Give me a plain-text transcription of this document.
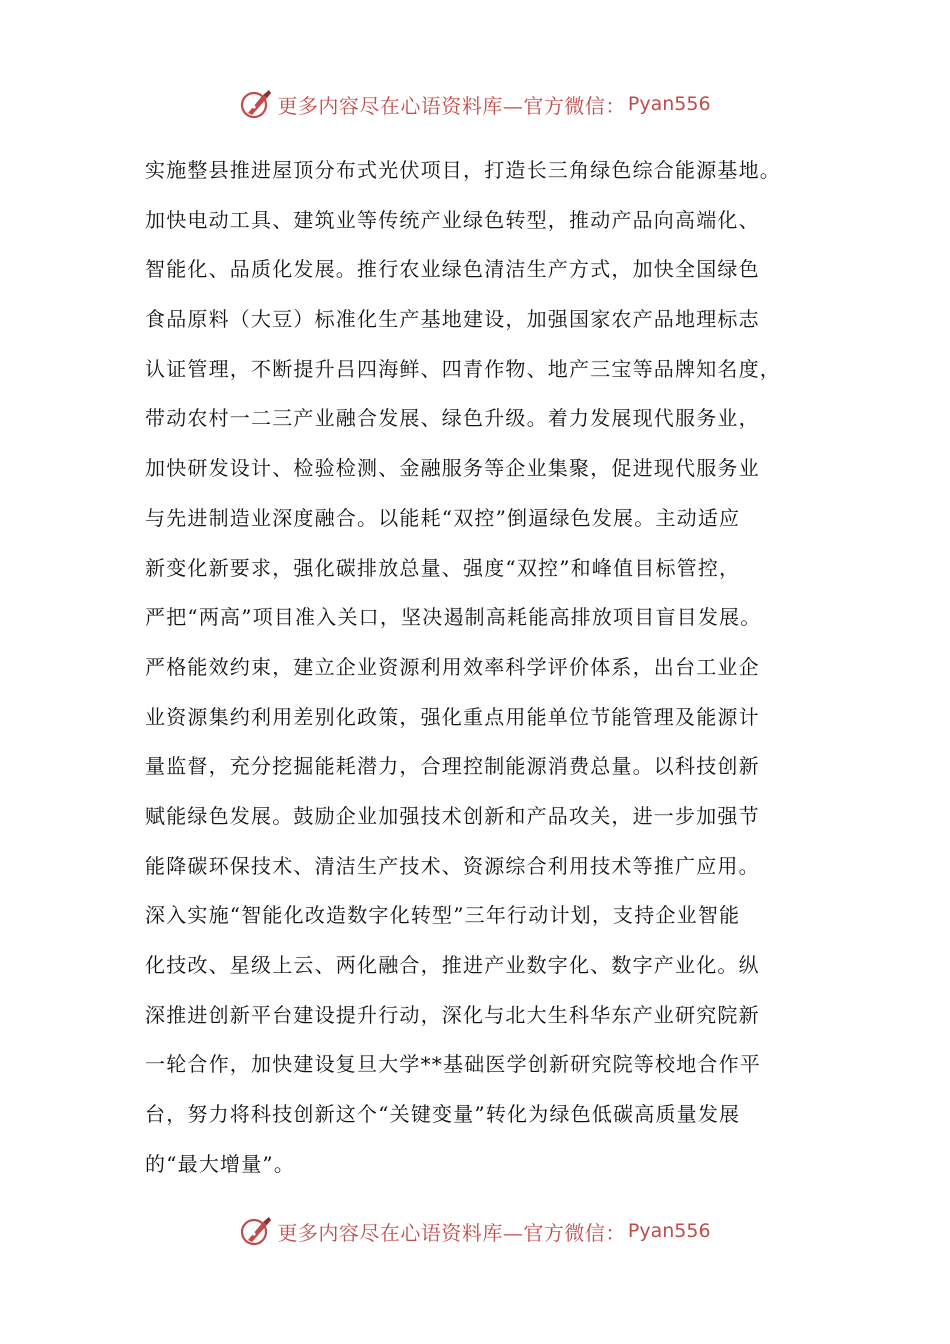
更多内容尽在心语资料库—官方微信： Pyan556
实施整县推进屋顶分布式光伏项目，打造长三角绿色综合能源基地。
加快电动工具、建筑业等传统产业绿色转型，推动产品向高端化、
智能化、品质化发展。推行农业绿色清洁生产方式，加快全国绿色
食品原料（大豆）标准化生产基地建设，加强国家农产品地理标志
认证管理，不断提升吕四海鲜、四青作物、地产三宝等品牌知名度，
带动农村一二三产业融合发展、绿色升级。着力发展现代服务业，
加快研发设计、检验检测、金融服务等企业集聚，促进现代服务业
与先进制造业深度融合。以能耗“双控”倒逼绿色发展。主动适应
新变化新要求，强化碳排放总量、强度“双控”和峰值目标管控，
严把“两高”项目准入关口，坚决遏制高耗能高排放项目盲目发展。
严格能效约束，建立企业资源利用效率科学评价体系，出台工业企
业资源集约利用差别化政策，强化重点用能单位节能管理及能源计
量监督，充分挖掘能耗潜力，合理控制能源消费总量。以科技创新
赋能绿色发展。鼓励企业加强技术创新和产品攻关，进一步加强节
能降碳环保技术、清洁生产技术、资源综合利用技术等推广应用。
深入实施“智能化改造数字化转型”三年行动计划，支持企业智能
化技改、星级上云、两化融合，推进产业数字化、数字产业化。纵
深推进创新平台建设提升行动，深化与北大生科华东产业研究院新
一轮合作，加快建设复旦大学**基础医学创新研究院等校地合作平
台，努力将科技创新这个“关键变量”转化为绿色低碳高质量发展
的“最大增量”。
更多内容尽在心语资料库—官方微信： Pyan556
